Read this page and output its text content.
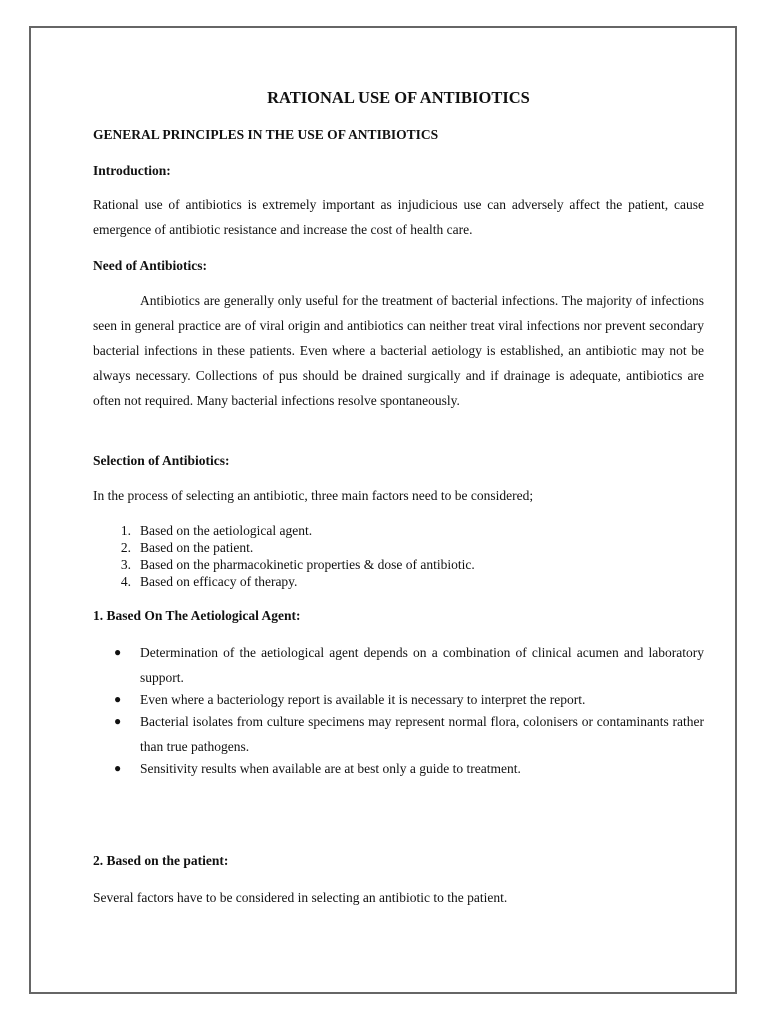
RATIONAL USE OF ANTIBIOTICS
GENERAL PRINCIPLES IN THE USE OF ANTIBIOTICS
Introduction:

Rational use of antibiotics is extremely important as injudicious use can adversely affect the patient, cause emergence of antibiotic resistance and increase the cost of health care.

Need of Antibiotics:

Antibiotics are generally only useful for the treatment of bacterial infections. The majority of infections seen in general practice are of viral origin and antibiotics can neither treat viral infections nor prevent secondary bacterial infections in these patients. Even where a bacterial aetiology is established, an antibiotic may not be always necessary. Collections of pus should be drained surgically and if drainage is adequate, antibiotics are often not required. Many bacterial infections resolve spontaneously.

Selection of Antibiotics:

In the process of selecting an antibiotic, three main factors need to be considered;

1. Based on the aetiological agent.
2. Based on the patient.
3. Based on the pharmacokinetic properties & dose of antibiotic.
4. Based on efficacy of therapy.
1. Based On The Aetiological Agent:
● Determination of the aetiological agent depends on a combination of clinical acumen and laboratory support.
● Even where a bacteriology report is available it is necessary to interpret the report.
● Bacterial isolates from culture specimens may represent normal flora, colonisers or contaminants rather than true pathogens.
● Sensitivity results when available are at best only a guide to treatment.
2. Based on the patient:

Several factors have to be considered in selecting an antibiotic to the patient.
